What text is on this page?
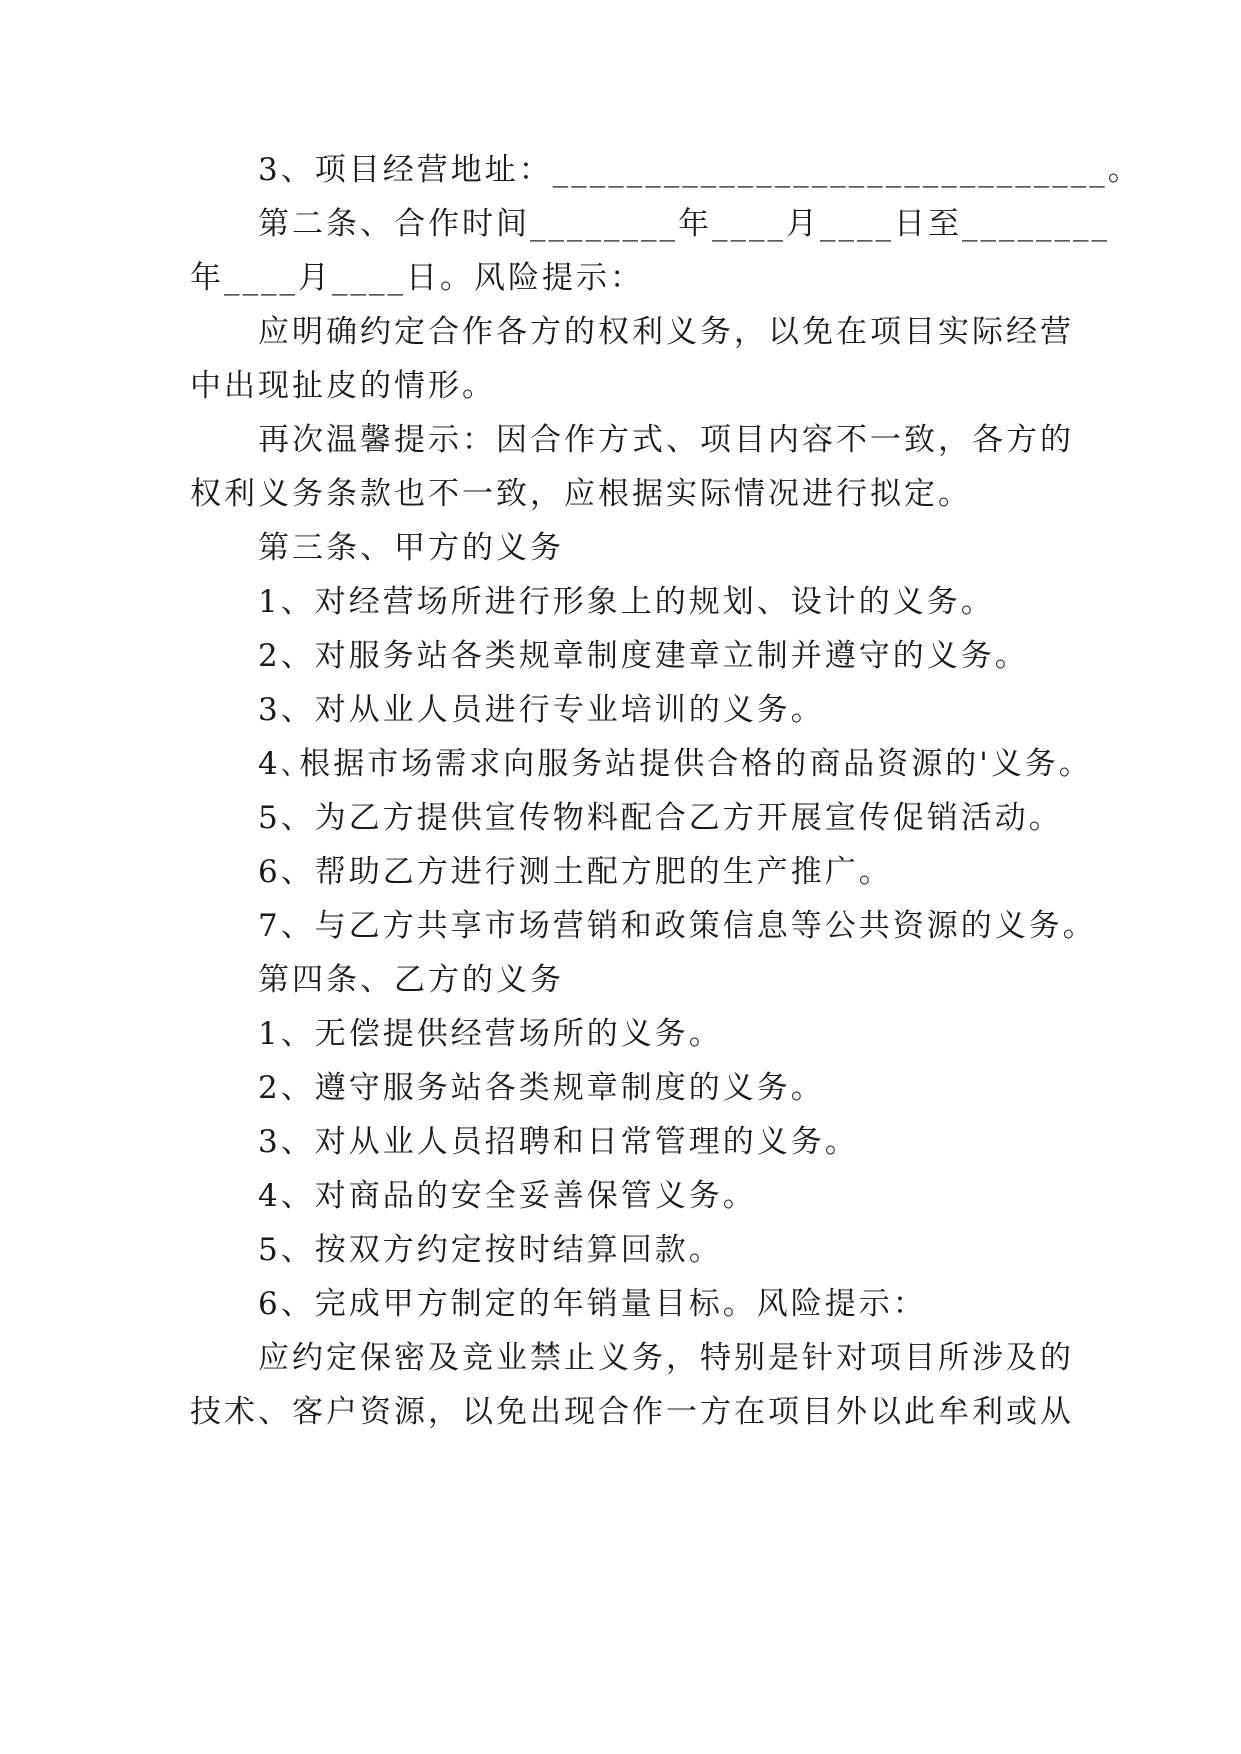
3、项目经营地址：______________________________。
第二条、合作时间________年____月____日至________
年____月____日。风险提示：
应明确约定合作各方的权利义务，以免在项目实际经营
中出现扯皮的情形。
再次温馨提示：因合作方式、项目内容不一致，各方的
权利义务条款也不一致，应根据实际情况进行拟定。
第三条、甲方的义务
1、对经营场所进行形象上的规划、设计的义务。
2、对服务站各类规章制度建章立制并遵守的义务。
3、对从业人员进行专业培训的义务。
4､根据市场需求向服务站提供合格的商品资源的'义务。
5、为乙方提供宣传物料配合乙方开展宣传促销活动。
6、帮助乙方进行测土配方肥的生产推广。
7、与乙方共享市场营销和政策信息等公共资源的义务。
第四条、乙方的义务
1、无偿提供经营场所的义务。
2、遵守服务站各类规章制度的义务。
3、对从业人员招聘和日常管理的义务。
4、对商品的安全妥善保管义务。
5、按双方约定按时结算回款。
6、完成甲方制定的年销量目标。风险提示：
应约定保密及竞业禁止义务，特别是针对项目所涉及的
技术、客户资源，以免出现合作一方在项目外以此牟利或从
